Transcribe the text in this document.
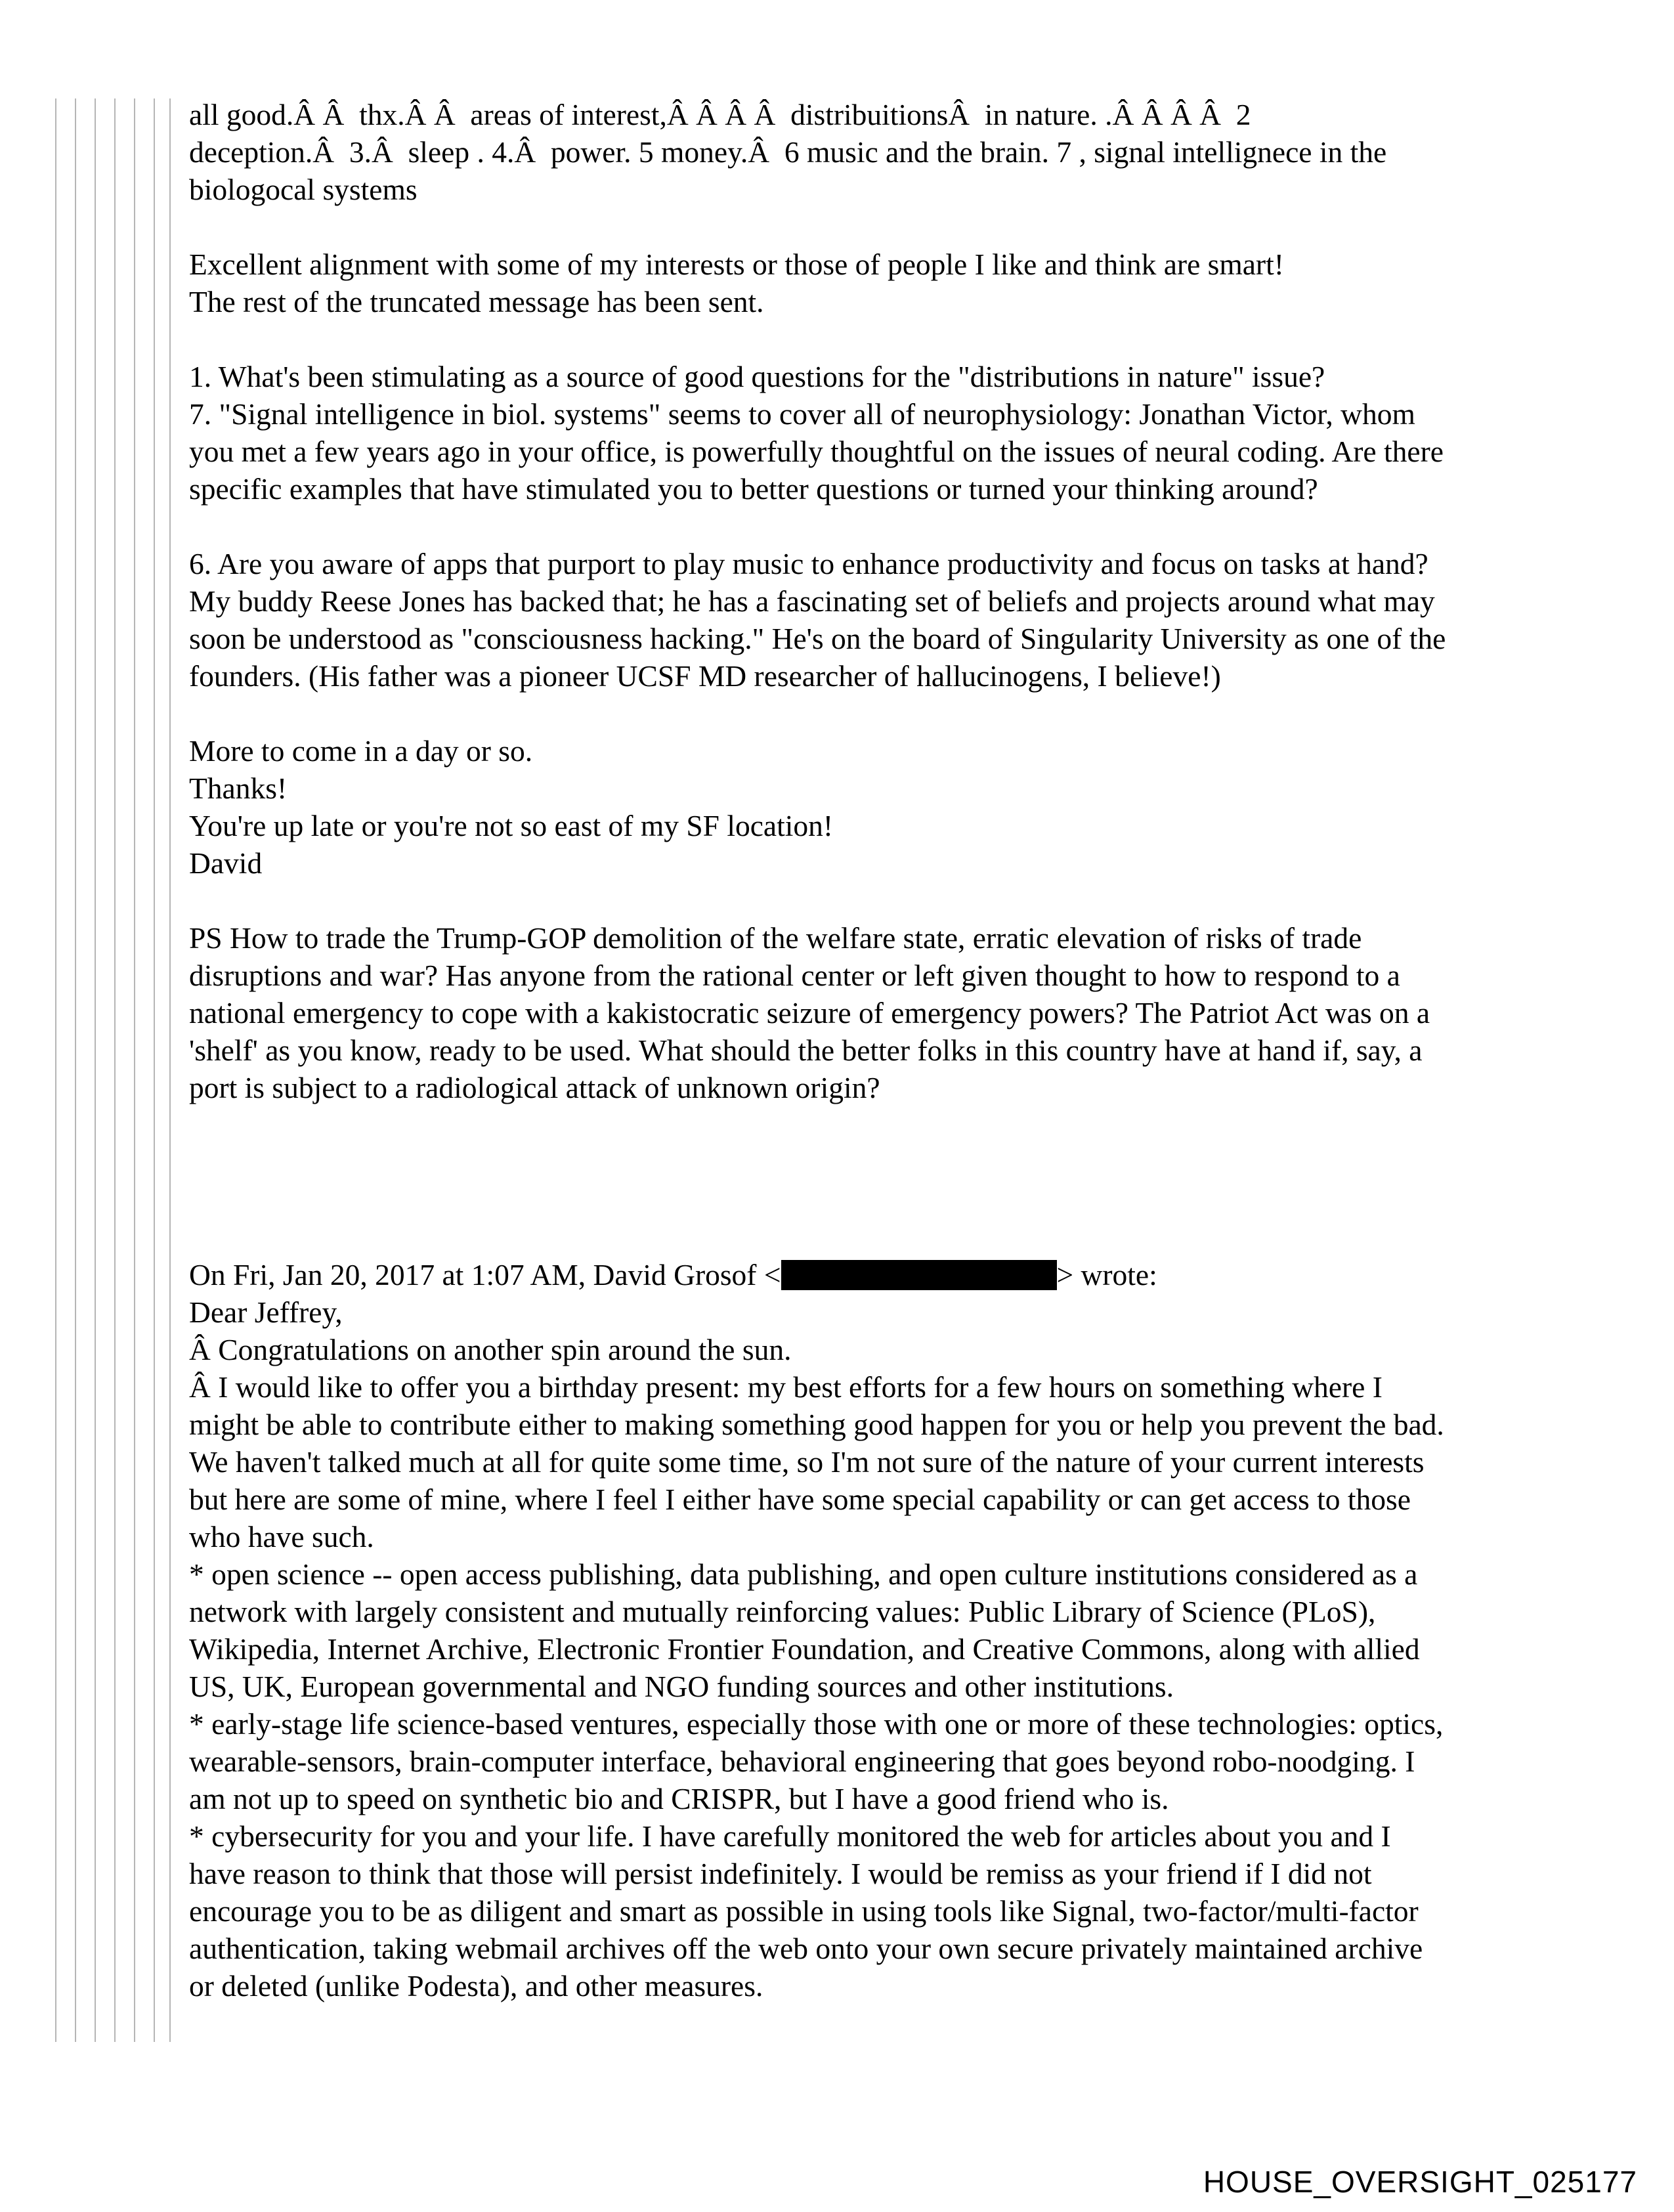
all good.Â Â  thx.Â Â  areas of interest,Â Â Â Â  distribuitionsÂ  in nature. .Â Â Â Â  2
deception.Â  3.Â  sleep . 4.Â  power. 5 money.Â  6 music and the brain. 7 , signal intellignece in the
biologocal systems
Excellent alignment with some of my interests or those of people I like and think are smart!
The rest of the truncated message has been sent.
1. What's been stimulating as a source of good questions for the "distributions in nature" issue?
7. "Signal intelligence in biol. systems" seems to cover all of neurophysiology: Jonathan Victor, whom
you met a few years ago in your office, is powerfully thoughtful on the issues of neural coding. Are there
specific examples that have stimulated you to better questions or turned your thinking around?
6. Are you aware of apps that purport to play music to enhance productivity and focus on tasks at hand?
My buddy Reese Jones has backed that; he has a fascinating set of beliefs and projects around what may
soon be understood as "consciousness hacking." He's on the board of Singularity University as one of the
founders. (His father was a pioneer UCSF MD researcher of hallucinogens, I believe!)
More to come in a day or so.
Thanks!
You're up late or you're not so east of my SF location!
David
PS How to trade the Trump-GOP demolition of the welfare state, erratic elevation of risks of trade
disruptions and war? Has anyone from the rational center or left given thought to how to respond to a
national emergency to cope with a kakistocratic seizure of emergency powers? The Patriot Act was on a
'shelf' as you know, ready to be used. What should the better folks in this country have at hand if, say, a
port is subject to a radiological attack of unknown origin?
On Fri, Jan 20, 2017 at 1:07 AM, David Grosof <	> wrote:
Dear Jeffrey,
Â Congratulations on another spin around the sun.
Â I would like to offer you a birthday present: my best efforts for a few hours on something where I
might be able to contribute either to making something good happen for you or help you prevent the bad.
We haven't talked much at all for quite some time, so I'm not sure of the nature of your current interests
but here are some of mine, where I feel I either have some special capability or can get access to those
who have such.
* open science -- open access publishing, data publishing, and open culture institutions considered as a
network with largely consistent and mutually reinforcing values: Public Library of Science (PLoS),
Wikipedia, Internet Archive, Electronic Frontier Foundation, and Creative Commons, along with allied
US, UK, European governmental and NGO funding sources and other institutions.
* early-stage life science-based ventures, especially those with one or more of these technologies: optics,
wearable-sensors, brain-computer interface, behavioral engineering that goes beyond robo-noodging. I
am not up to speed on synthetic bio and CRISPR, but I have a good friend who is.
* cybersecurity for you and your life. I have carefully monitored the web for articles about you and I
have reason to think that those will persist indefinitely. I would be remiss as your friend if I did not
encourage you to be as diligent and smart as possible in using tools like Signal, two-factor/multi-factor
authentication, taking webmail archives off the web onto your own secure privately maintained archive
or deleted (unlike Podesta), and other measures.
HOUSE_OVERSIGHT_025177
